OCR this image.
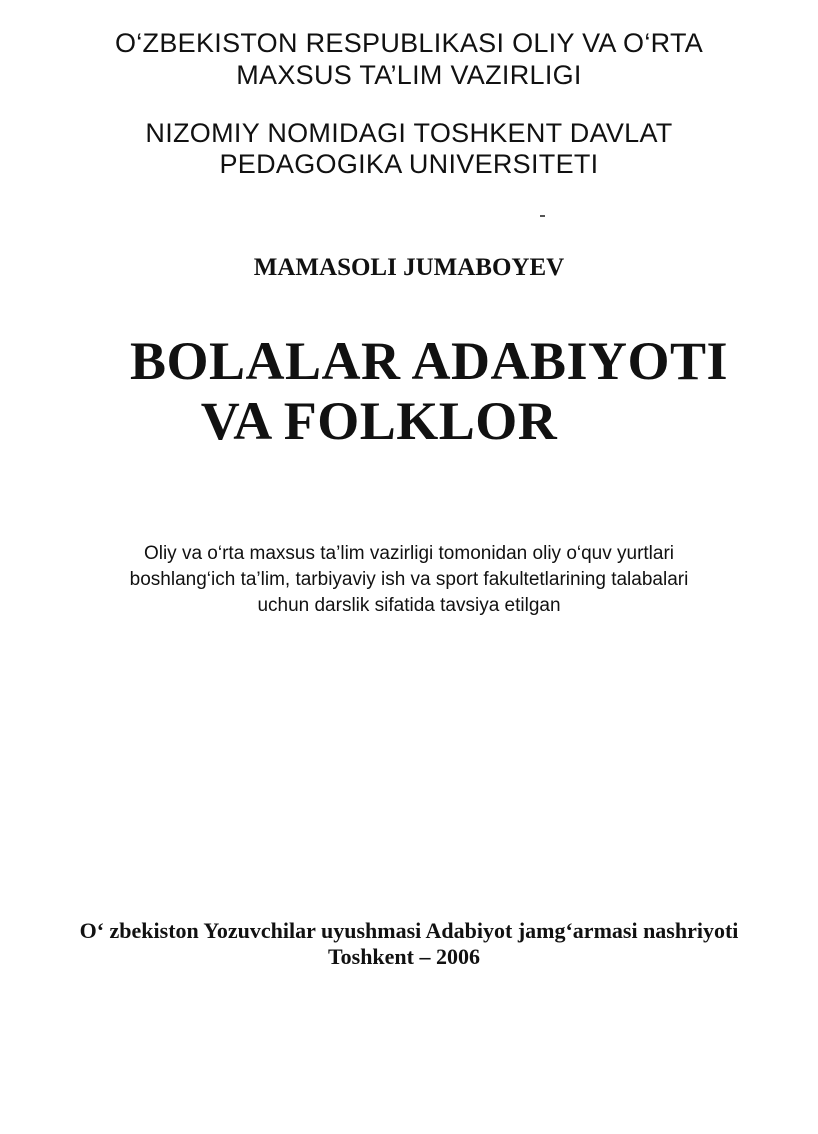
O‘ZBEKISTON RESPUBLIKASI OLIY VA O‘RTA
MAXSUS TA’LIM VAZIRLIGI
NIZOMIY NOMIDAGI TOSHKENT DAVLAT
PEDAGOGIKA UNIVERSITETI
MAMASOLI JUMABOYEV
BOLALAR ADABIYOTI
VA FOLKLOR
Oliy va o‘rta maxsus ta’lim vazirligi tomonidan oliy o‘quv yurtlari
boshlang‘ich ta’lim, tarbiyaviy ish va sport fakultetlarining talabalari
uchun darslik sifatida tavsiya etilgan
O‘ zbekiston Yozuvchilar uyushmasi Adabiyot jamg‘armasi nashriyoti
Toshkent – 2006
